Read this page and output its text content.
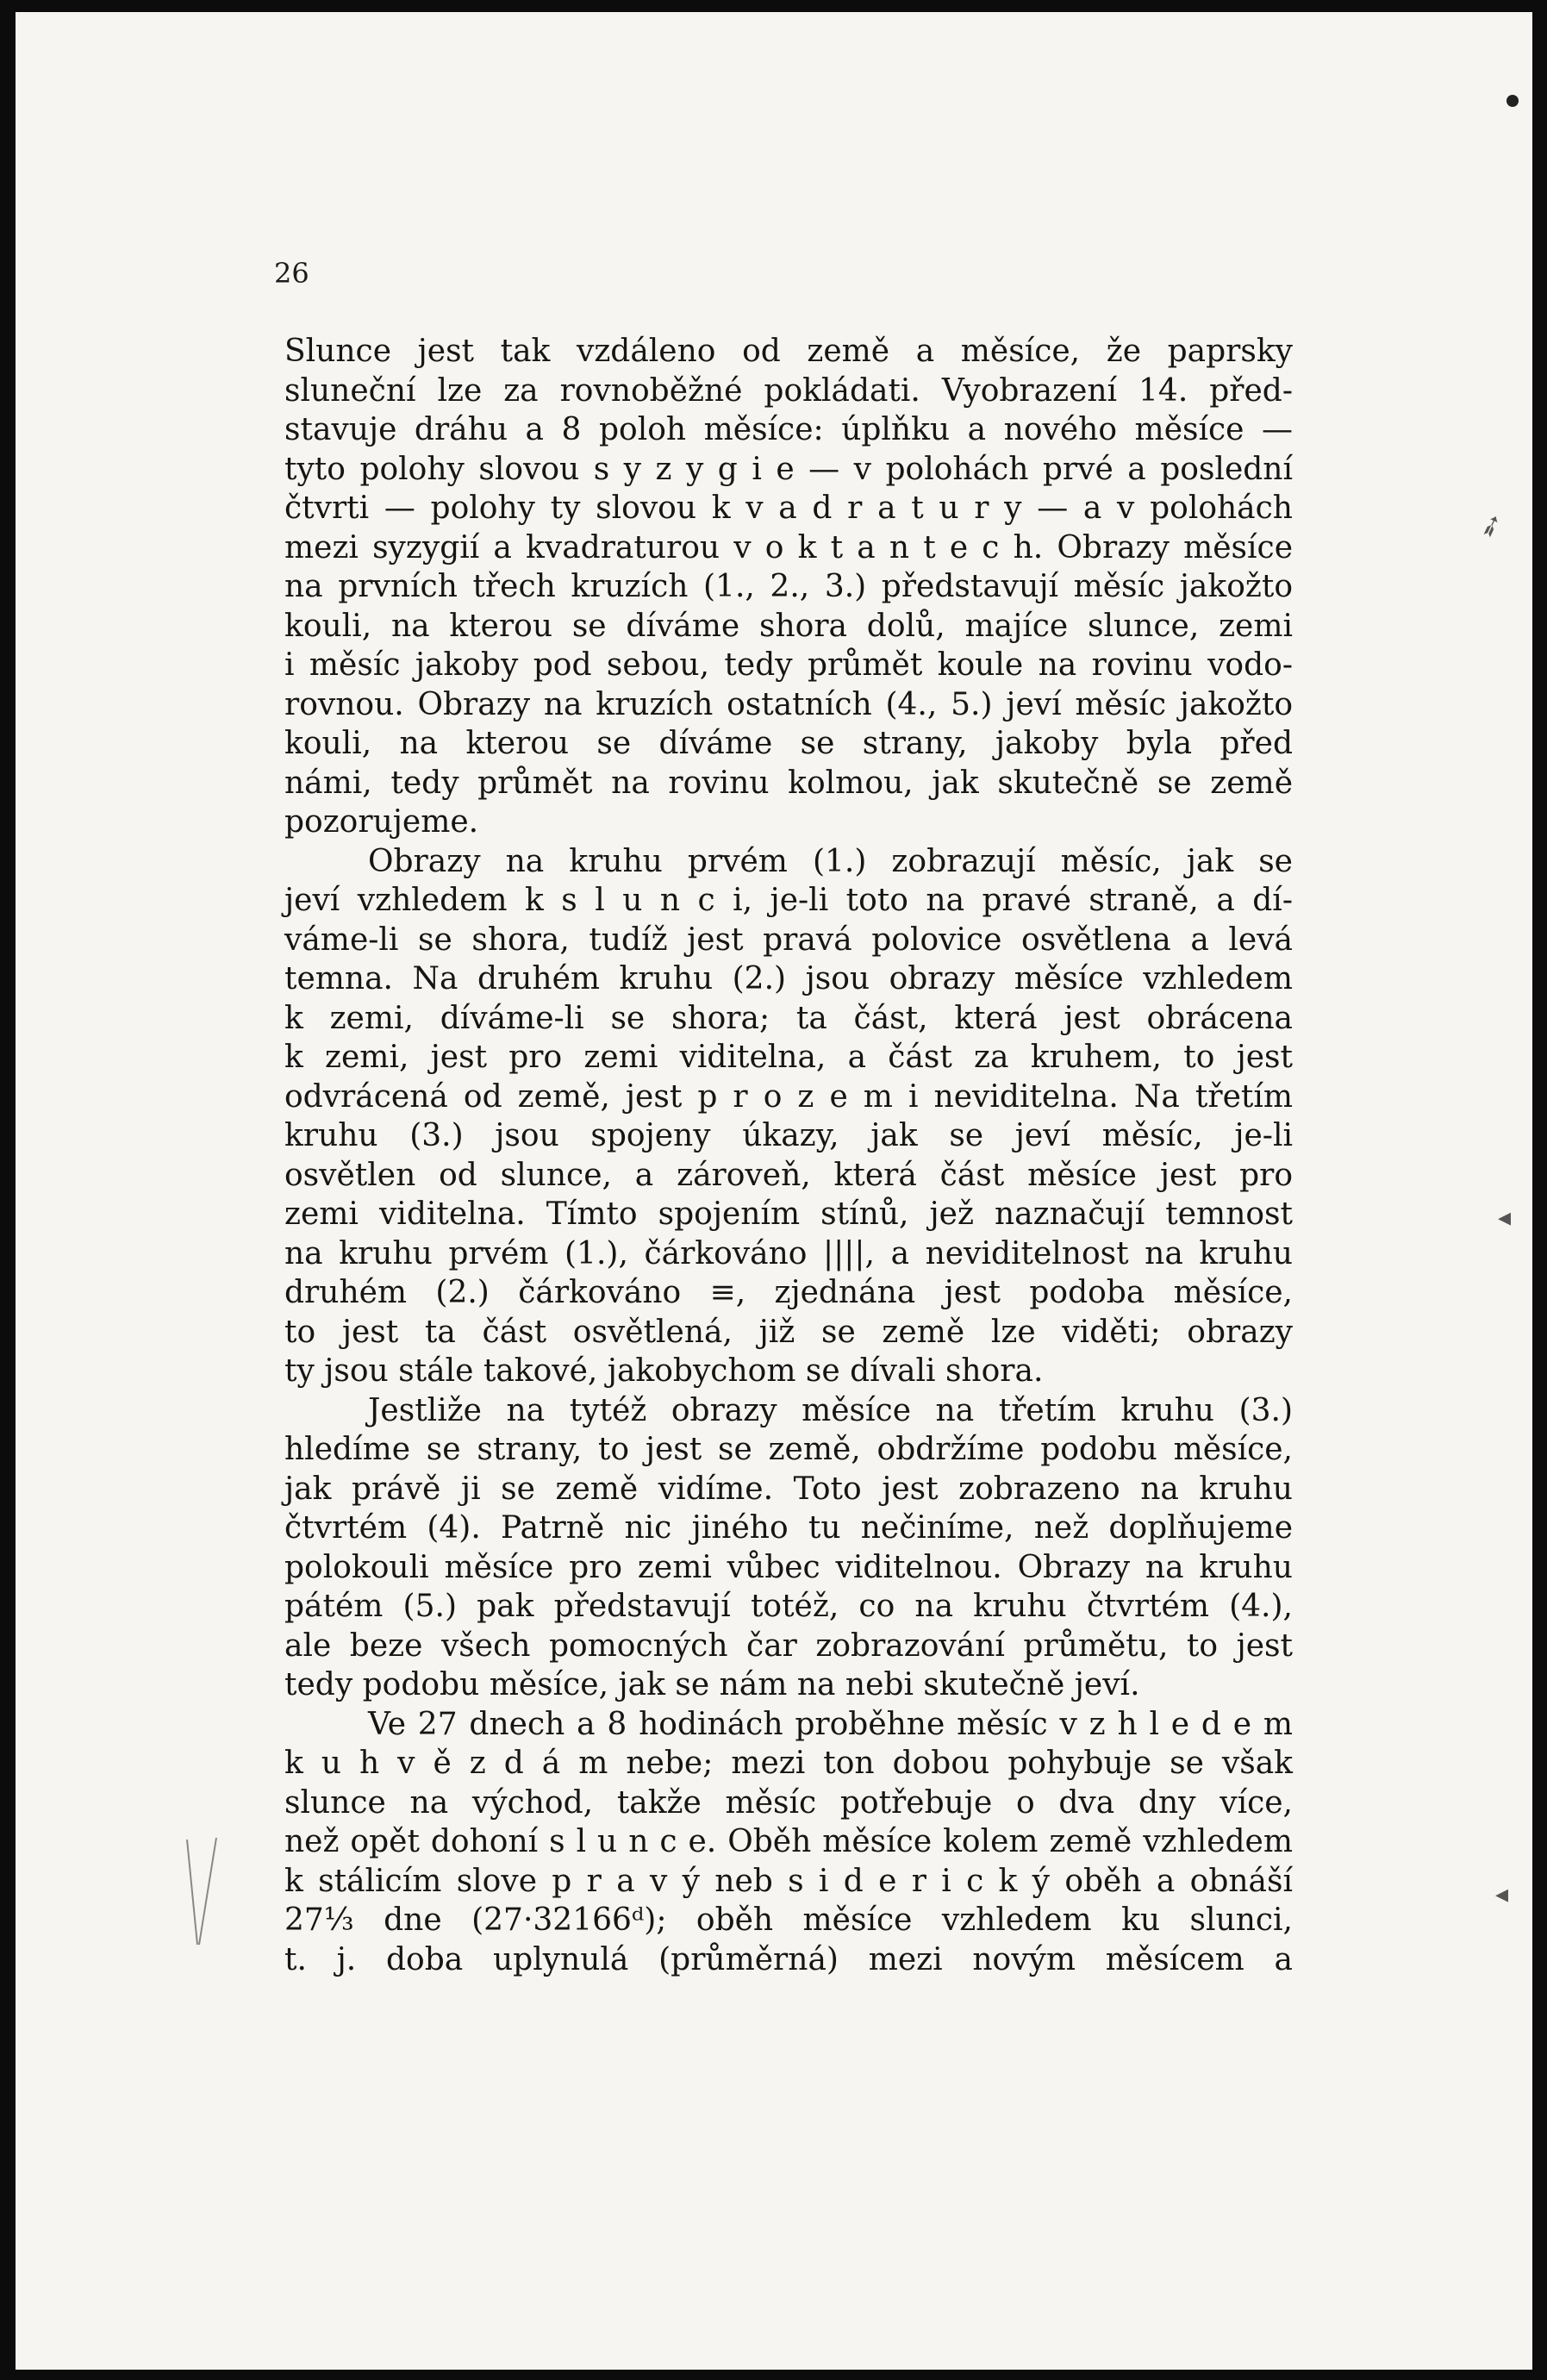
26

Slunce jest tak vzdáleno od země a měsíce, že paprsky
sluneční lze za rovnoběžné pokládati. Vyobrazení 14. před-
stavuje dráhu a 8 poloh měsíce: úplňku a nového měsíce —
tyto polohy slovou s y z y g i e — v polohách prvé a poslední
čtvrti — polohy ty slovou k v a d r a t u r y — a v polohách
mezi syzygií a kvadraturou v o k t a n t e c h. Obrazy měsíce
na prvních třech kruzích (1., 2., 3.) představují měsíc jakožto
kouli, na kterou se díváme shora dolů, majíce slunce, zemi
i měsíc jakoby pod sebou, tedy průmět koule na rovinu vodo-
rovnou. Obrazy na kruzích ostatních (4., 5.) jeví měsíc jakožto
kouli, na kterou se díváme se strany, jakoby byla před
námi, tedy průmět na rovinu kolmou, jak skutečně se země
pozorujeme.
Obrazy na kruhu prvém (1.) zobrazují měsíc, jak se
jeví vzhledem k s l u n c i, je-li toto na pravé straně, a dí-
váme-li se shora, tudíž jest pravá polovice osvětlena a levá
temna. Na druhém kruhu (2.) jsou obrazy měsíce vzhledem
k zemi, díváme-li se shora; ta část, která jest obrácena
k zemi, jest pro zemi viditelna, a část za kruhem, to jest
odvrácená od země, jest p r o z e m i neviditelna. Na třetím
kruhu (3.) jsou spojeny úkazy, jak se jeví měsíc, je-li
osvětlen od slunce, a zároveň, která část měsíce jest pro
zemi viditelna. Tímto spojením stínů, jež naznačují temnost
na kruhu prvém (1.), čárkováno ||||, a neviditelnost na kruhu
druhém (2.) čárkováno ≡, zjednána jest podoba měsíce,
to jest ta část osvětlená, již se země lze viděti; obrazy
ty jsou stále takové, jakobychom se dívali shora.
Jestliže na tytéž obrazy měsíce na třetím kruhu (3.)
hledíme se strany, to jest se země, obdržíme podobu měsíce,
jak právě ji se země vidíme. Toto jest zobrazeno na kruhu
čtvrtém (4). Patrně nic jiného tu nečiníme, než doplňujeme
polokouli měsíce pro zemi vůbec viditelnou. Obrazy na kruhu
pátém (5.) pak představují totéž, co na kruhu čtvrtém (4.),
ale beze všech pomocných čar zobrazování průmětu, to jest
tedy podobu měsíce, jak se nám na nebi skutečně jeví.
Ve 27 dnech a 8 hodinách proběhne měsíc v z h l e d e m
k u h v ě z d á m nebe; mezi ton dobou pohybuje se však
slunce na východ, takže měsíc potřebuje o dva dny více,
než opět dohoní s l u n c e. Oběh měsíce kolem země vzhledem
k stálicím slove p r a v ý neb s i d e r i c k ý oběh a obnáší
27⅓ dne (27·32166ᵈ); oběh měsíce vzhledem ku slunci,
t. j. doba uplynulá (průměrná) mezi novým měsícem a
➶
◂
◂
